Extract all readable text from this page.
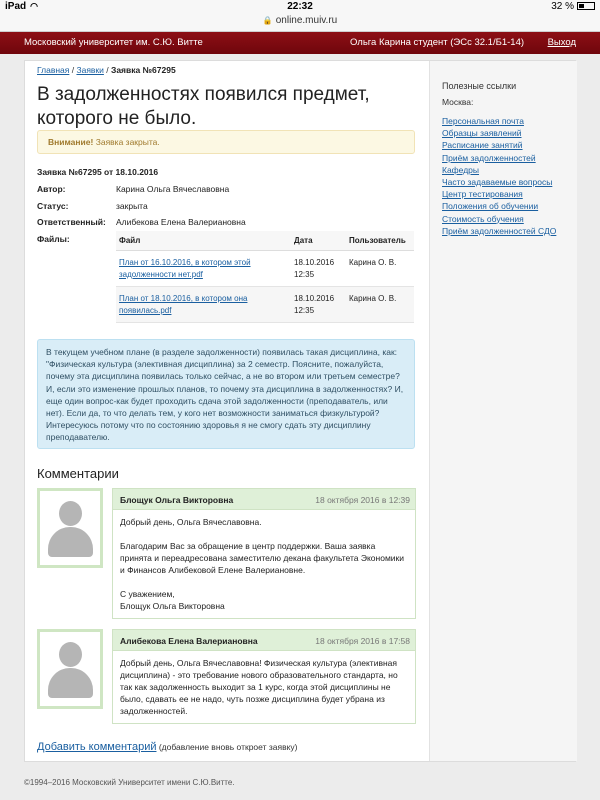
iPad ◠	22:32	32 %
🔒 online.muiv.ru
Московский университет им. С.Ю. Витте	Ольга Карина студент (ЭСс 32.1/Б1-14) Выход
Главная / Заявки / Заявка №67295
В задолженностях появился предмет, которого не было.
Внимание! Заявка закрыта.
Заявка №67295 от 18.10.2016
Автор:	Карина Ольга Вячеславовна
Статус:	закрыта
Ответственный: Алибекова Елена Валериановна
Файлы:	Файл	Дата	Пользователь
План от 16.10.2016, в котором этой задолженности нет.pdf	18.10.2016 12:35	Карина О. В.
План от 18.10.2016, в котором она появилась.pdf	18.10.2016 12:35	Карина О. В.
В текущем учебном плане (в разделе задолженности) появилась такая дисциплина, как: "Физическая культура (элективная дисциплина) за 2 семестр. Поясните, пожалуйста, почему эта дисциплина появилась только сейчас, а не во втором или третьем семестре? И, если это изменение прошлых планов, то почему эта дисциплина в задолженностях? И, еще один вопрос-как будет проходить сдача этой задолженности (преподаватель, или нет). Если да, то что делать тем, у кого нет возможности заниматься физкультурой? Интересуюсь потому что по состоянию здоровья я не смогу сдать эту дисциплину преподавателю.
Комментарии
Блощук Ольга Викторовна	18 октября 2016 в 12:39

Добрый день, Ольга Вячеславовна.

Благодарим Вас за обращение в центр поддержки. Ваша заявка принята и переадресована заместителю декана факультета Экономики и Финансов Алибековой Елене Валериановне.

С уважением,

Блощук Ольга Викторовна

Алибекова Елена Валериановна	18 октября 2016 в 17:58

Добрый день, Ольга Вячеславовна! Физическая культура (элективная дисциплина) - это требование нового образовательного стандарта, но так как задолженность выходит за 1 курс, когда этой дисциплины не было, сдавать ее не надо, чуть позже дисциплина будет убрана из задолженностей.

Добавить комментарий (добавление вновь откроет заявку)
Полезные ссылки
Москва:
Персональная почта
Образцы заявлений
Расписание занятий
Приём задолженностей
Кафедры
Часто задаваемые вопросы
Центр тестирования
Положения об обучении
Стоимость обучения
Приём задолженностей СДО
©1994–2016 Московский Университет имени С.Ю.Витте.
